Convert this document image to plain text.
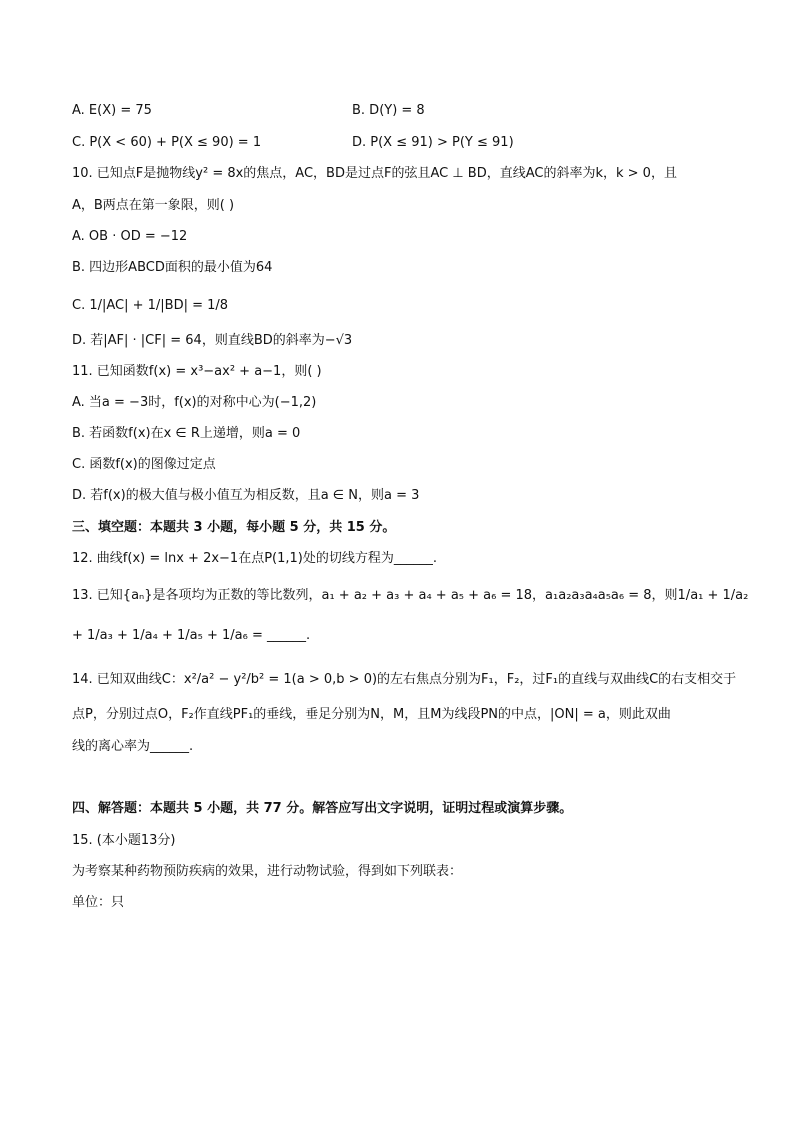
A. E(X) = 75	B. D(Y) = 8
C. P(X < 60) + P(X ≤ 90) = 1	D. P(X ≤ 91) > P(Y ≤ 91)
10. 已知点F是抛物线y² = 8x的焦点，AC，BD是过点F的弦且AC ⊥ BD，直线AC的斜率为k，k > 0，且
A，B两点在第一象限，则( )
A. OB · OD = −12
B. 四边形ABCD面积的最小值为64
C. 1/|AC| + 1/|BD| = 1/8
D. 若|AF| · |CF| = 64，则直线BD的斜率为−√3
11. 已知函数f(x) = x³−ax² + a−1，则( )
A. 当a = −3时，f(x)的对称中心为(−1,2)
B. 若函数f(x)在x ∈ R上递增，则a = 0
C. 函数f(x)的图像过定点
D. 若f(x)的极大值与极小值互为相反数，且a ∈ N，则a = 3
三、填空题：本题共 3 小题，每小题 5 分，共 15 分。
12. 曲线f(x) = lnx + 2x−1在点P(1,1)处的切线方程为______.
13. 已知{aₙ}是各项均为正数的等比数列，a₁ + a₂ + a₃ + a₄ + a₅ + a₆ = 18，a₁a₂a₃a₄a₅a₆ = 8，则1/a₁ + 1/a₂
+ 1/a₃ + 1/a₄ + 1/a₅ + 1/a₆ = ______.
14. 已知双曲线C：x²/a² − y²/b² = 1(a > 0,b > 0)的左右焦点分别为F₁，F₂，过F₁的直线与双曲线C的右支相交于
点P，分别过点O，F₂作直线PF₁的垂线，垂足分别为N，M，且M为线段PN的中点，|ON| = a，则此双曲
线的离心率为______.
四、解答题：本题共 5 小题，共 77 分。解答应写出文字说明，证明过程或演算步骤。
15. (本小题13分)
为考察某种药物预防疾病的效果，进行动物试验，得到如下列联表：
单位：只
